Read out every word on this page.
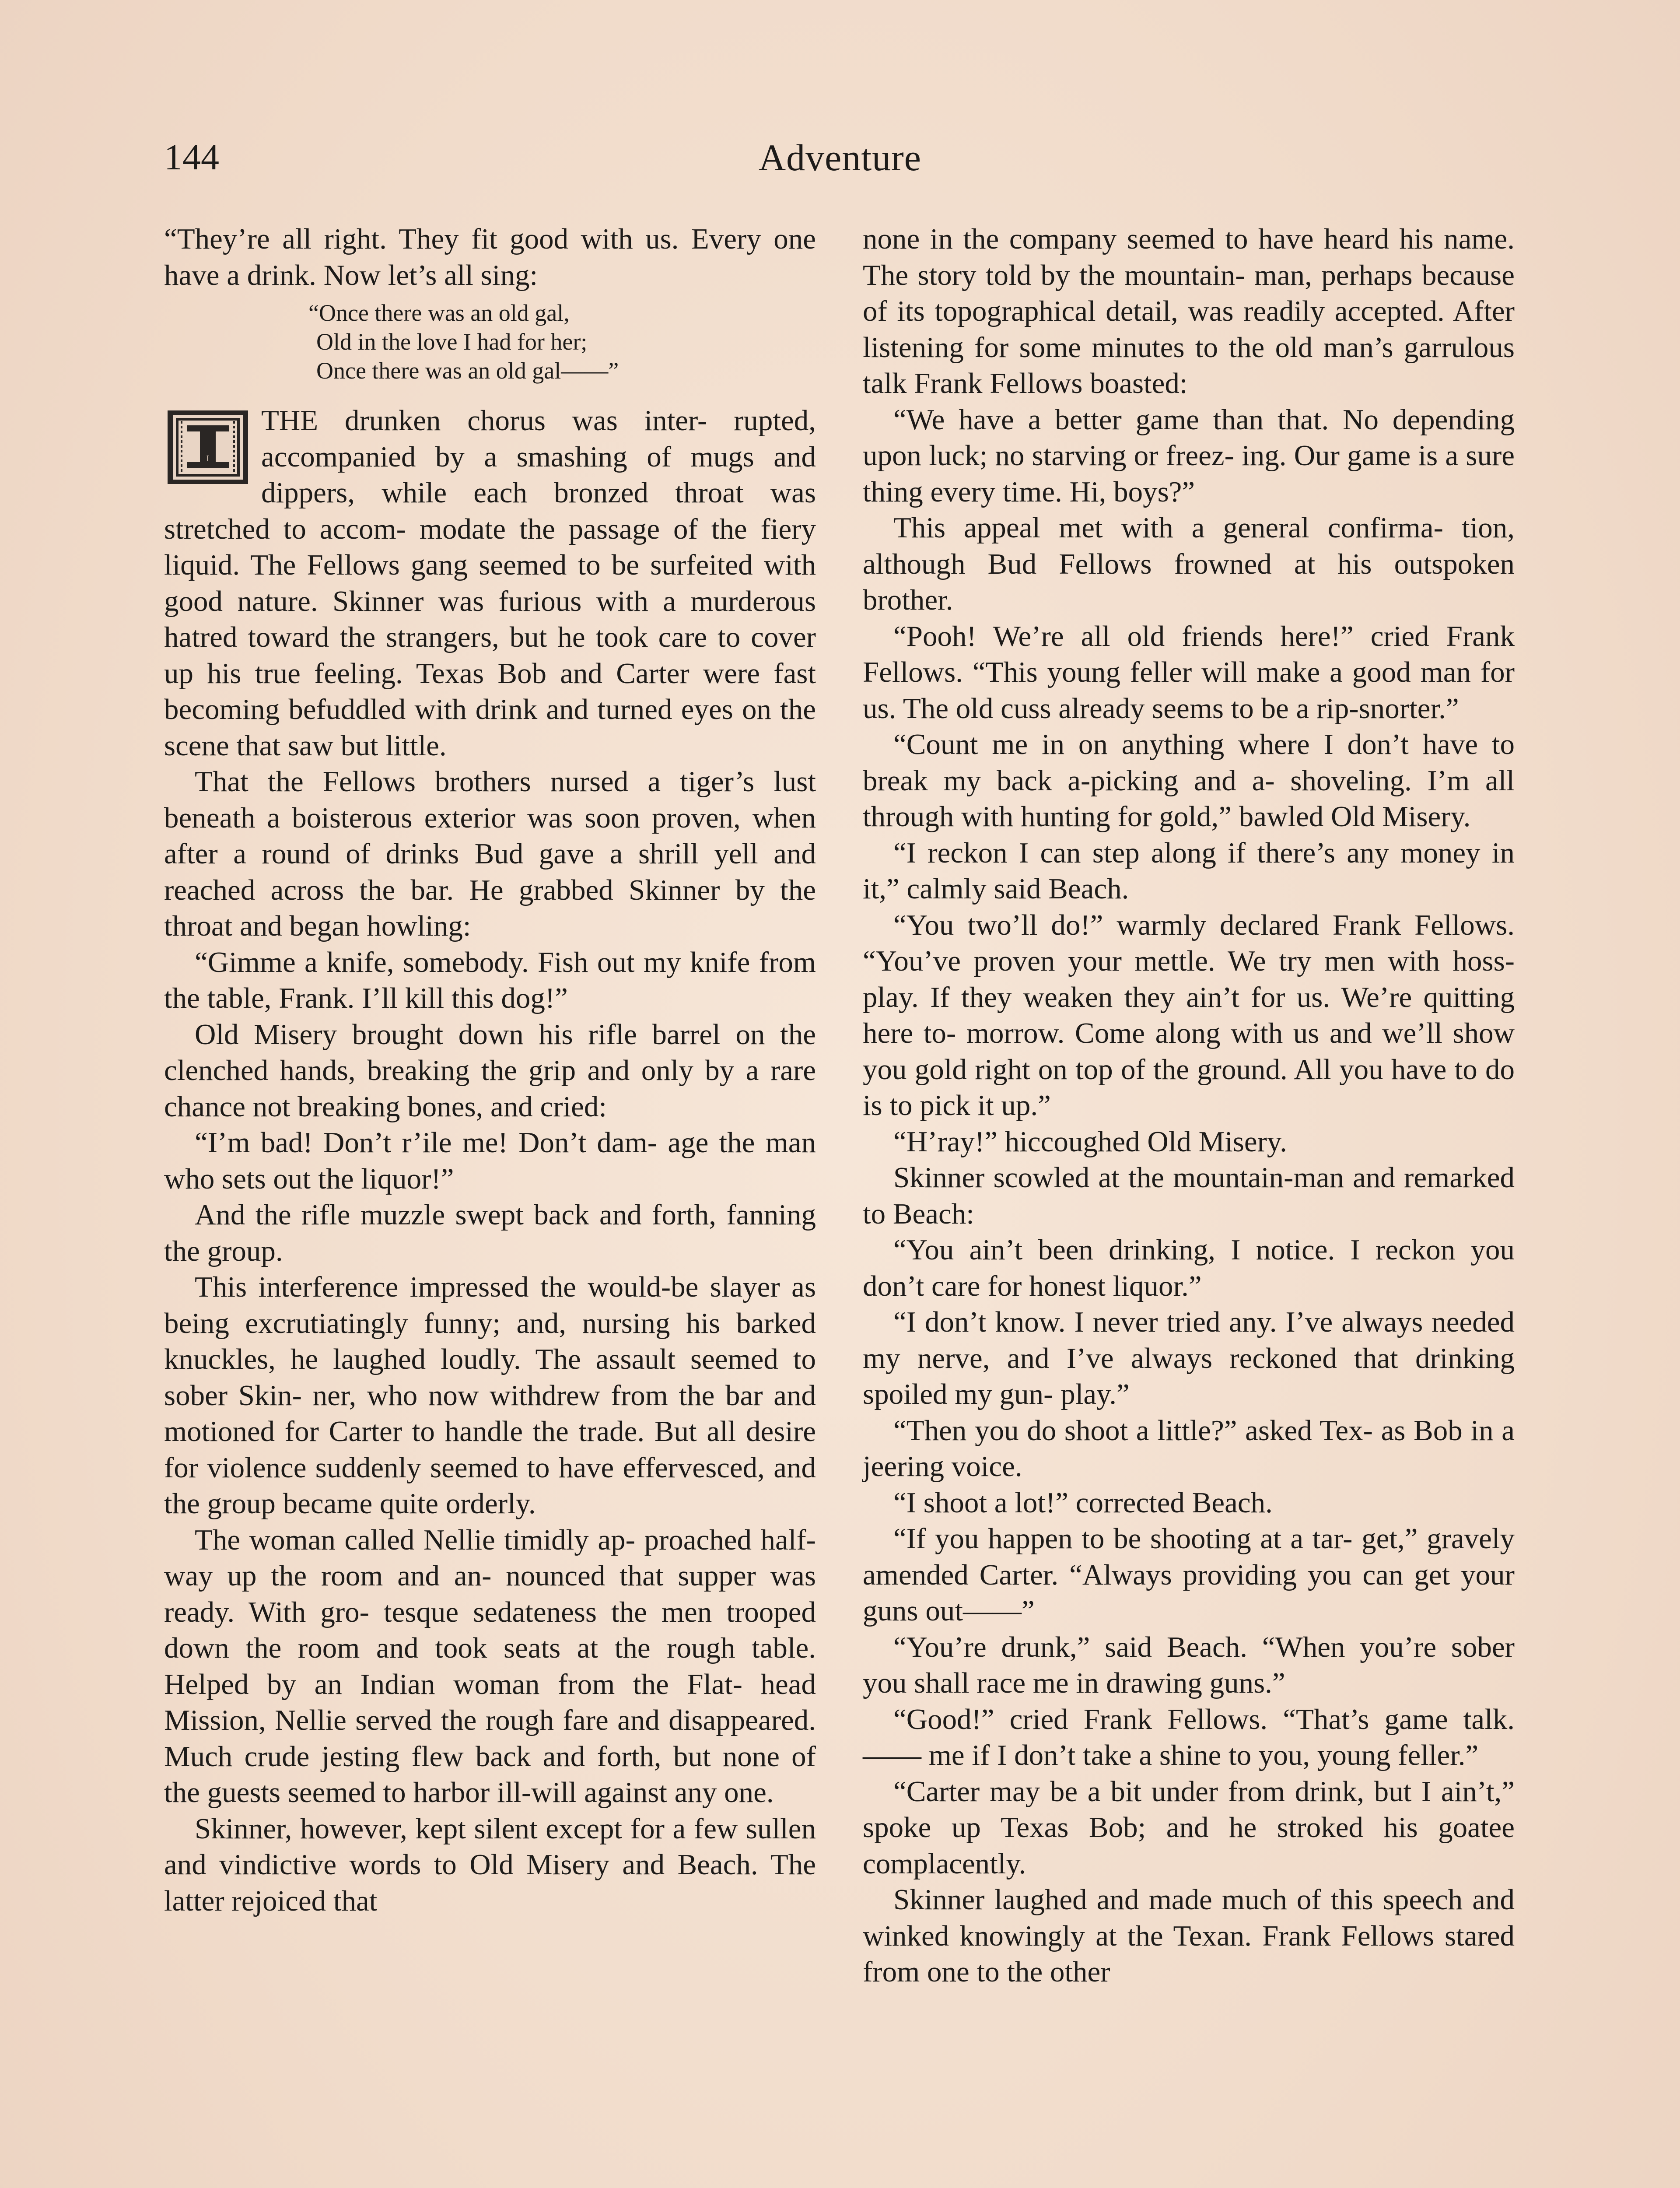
144	Adventure

“They’re all right. They fit good with us. Every one have a drink. Now let’s all sing:

“Once there was an old gal,
Old in the love I had for her;
Once there was an old gal——”
I

THE drunken chorus was inter- rupted, accompanied by a smashing of mugs and dippers, while each bronzed throat was stretched to accom- modate the passage of the fiery liquid. The Fellows gang seemed to be surfeited with good nature. Skinner was furious with a murderous hatred toward the strangers, but he took care to cover up his true feeling. Texas Bob and Carter were fast becoming befuddled with drink and turned eyes on the scene that saw but little.

That the Fellows brothers nursed a tiger’s lust beneath a boisterous exterior was soon proven, when after a round of drinks Bud gave a shrill yell and reached across the bar. He grabbed Skinner by the throat and began howling:

“Gimme a knife, somebody. Fish out my knife from the table, Frank. I’ll kill this dog!”

Old Misery brought down his rifle barrel on the clenched hands, breaking the grip and only by a rare chance not breaking bones, and cried:

“I’m bad! Don’t r’ile me! Don’t dam- age the man who sets out the liquor!”

And the rifle muzzle swept back and forth, fanning the group.

This interference impressed the would-be slayer as being excrutiatingly funny; and, nursing his barked knuckles, he laughed loudly. The assault seemed to sober Skin- ner, who now withdrew from the bar and motioned for Carter to handle the trade. But all desire for violence suddenly seemed to have effervesced, and the group became quite orderly.

The woman called Nellie timidly ap- proached half-way up the room and an- nounced that supper was ready. With gro- tesque sedateness the men trooped down the room and took seats at the rough table. Helped by an Indian woman from the Flat- head Mission, Nellie served the rough fare and disappeared. Much crude jesting flew back and forth, but none of the guests seemed to harbor ill-will against any one.

Skinner, however, kept silent except for a few sullen and vindictive words to Old Misery and Beach. The latter rejoiced that

none in the company seemed to have heard his name. The story told by the mountain- man, perhaps because of its topographical detail, was readily accepted. After listening for some minutes to the old man’s garrulous talk Frank Fellows boasted:

“We have a better game than that. No depending upon luck; no starving or freez- ing. Our game is a sure thing every time. Hi, boys?”

This appeal met with a general confirma- tion, although Bud Fellows frowned at his outspoken brother.

“Pooh! We’re all old friends here!” cried Frank Fellows. “This young feller will make a good man for us. The old cuss already seems to be a rip-snorter.”

“Count me in on anything where I don’t have to break my back a-picking and a- shoveling. I’m all through with hunting for gold,” bawled Old Misery.

“I reckon I can step along if there’s any money in it,” calmly said Beach.

“You two’ll do!” warmly declared Frank Fellows. “You’ve proven your mettle. We try men with hoss-play. If they weaken they ain’t for us. We’re quitting here to- morrow. Come along with us and we’ll show you gold right on top of the ground. All you have to do is to pick it up.”

“H’ray!” hiccoughed Old Misery.

Skinner scowled at the mountain-man and remarked to Beach:

“You ain’t been drinking, I notice. I reckon you don’t care for honest liquor.”

“I don’t know. I never tried any. I’ve always needed my nerve, and I’ve always reckoned that drinking spoiled my gun- play.”

“Then you do shoot a little?” asked Tex- as Bob in a jeering voice.

“I shoot a lot!” corrected Beach.

“If you happen to be shooting at a tar- get,” gravely amended Carter. “Always providing you can get your guns out——”

“You’re drunk,” said Beach. “When you’re sober you shall race me in drawing guns.”

“Good!” cried Frank Fellows. “That’s game talk. —— me if I don’t take a shine to you, young feller.”

“Carter may be a bit under from drink, but I ain’t,” spoke up Texas Bob; and he stroked his goatee complacently.

Skinner laughed and made much of this speech and winked knowingly at the Texan. Frank Fellows stared from one to the other
